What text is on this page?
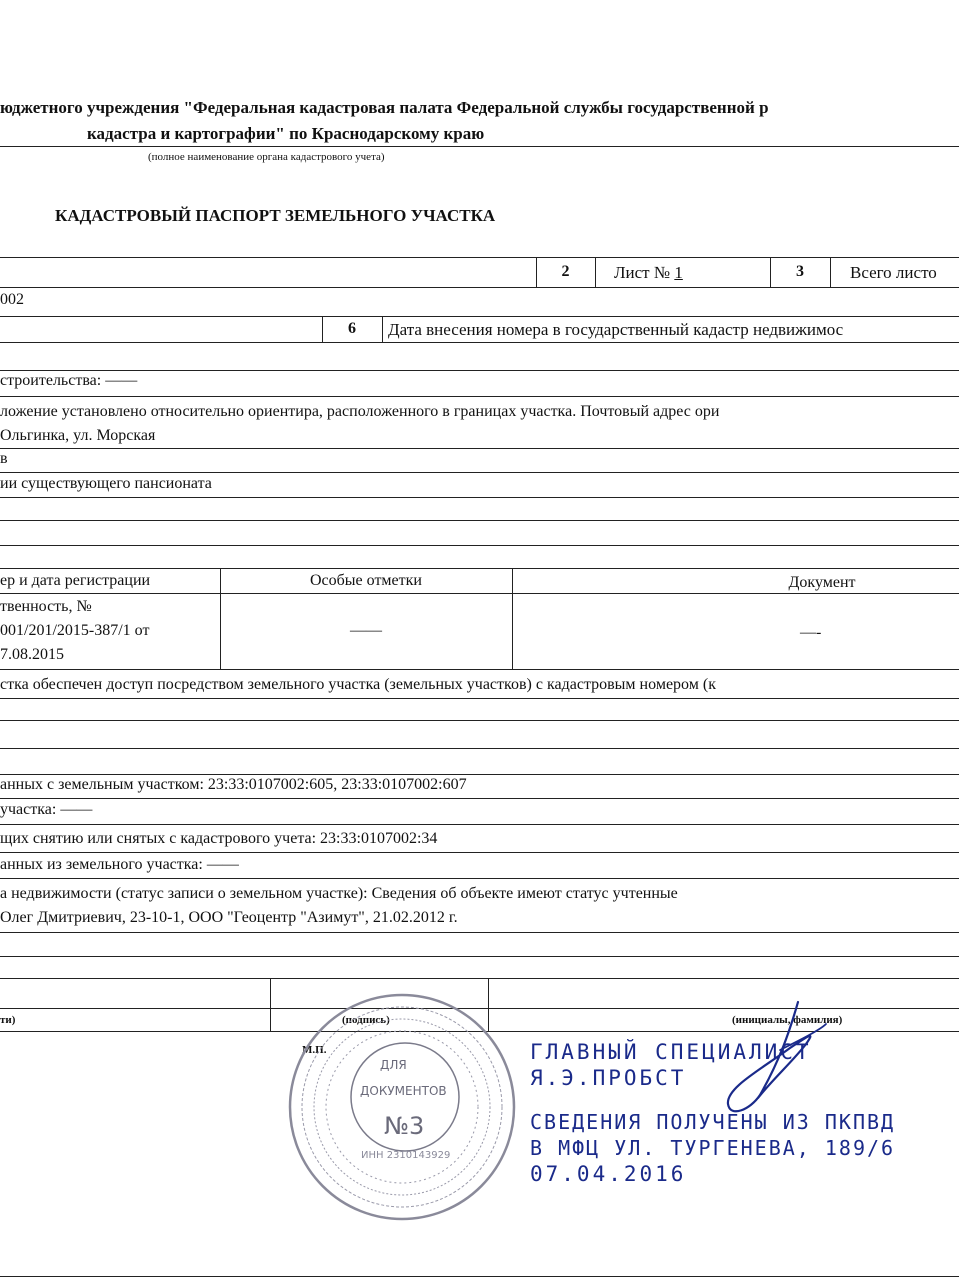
юджетного учреждения "Федеральная кадастровая палата Федеральной службы государственной р
кадастра и картографии" по Краснодарскому краю
(полное наименование органа кадастрового учета)
КАДАСТРОВЫЙ ПАСПОРТ ЗЕМЕЛЬНОГО УЧАСТКА
2	Лист № 1	3	Всего листо
002
6	Дата внесения номера в государственный кадастр недвижимос
строительства: ——
ложение установлено относительно ориентира, расположенного в границах участка. Почтовый адрес ори
Ольгинка, ул. Морская
в
ии существующего пансионата
ер и дата регистрации	Особые отметки	Документ
твенность, №
001/201/2015-387/1 от
7.08.2015
——	—-
стка обеспечен доступ посредством земельного участка (земельных участков) с кадастровым номером (к
анных с земельным участком: 23:33:0107002:605, 23:33:0107002:607
участка: ——
щих снятию или снятых с кадастрового учета: 23:33:0107002:34
анных из земельного участка: ——
а недвижимости (статус записи о земельном участке): Сведения об объекте имеют статус учтенные
Олег Дмитриевич, 23-10-1, ООО "Геоцентр "Азимут", 21.02.2012 г.
ти)	(подпись)	(инициалы, фамилия)
М.П.
ДЛЯ
ДОКУМЕНТОВ
№3
ИНН 2310143929
ГЛАВНЫЙ СПЕЦИАЛИСТ
Я.Э.ПРОБСТ
СВЕДЕНИЯ ПОЛУЧЕНЫ ИЗ ПКПВД
В МФЦ УЛ. ТУРГЕНЕВА, 189/6
07.04.2016
